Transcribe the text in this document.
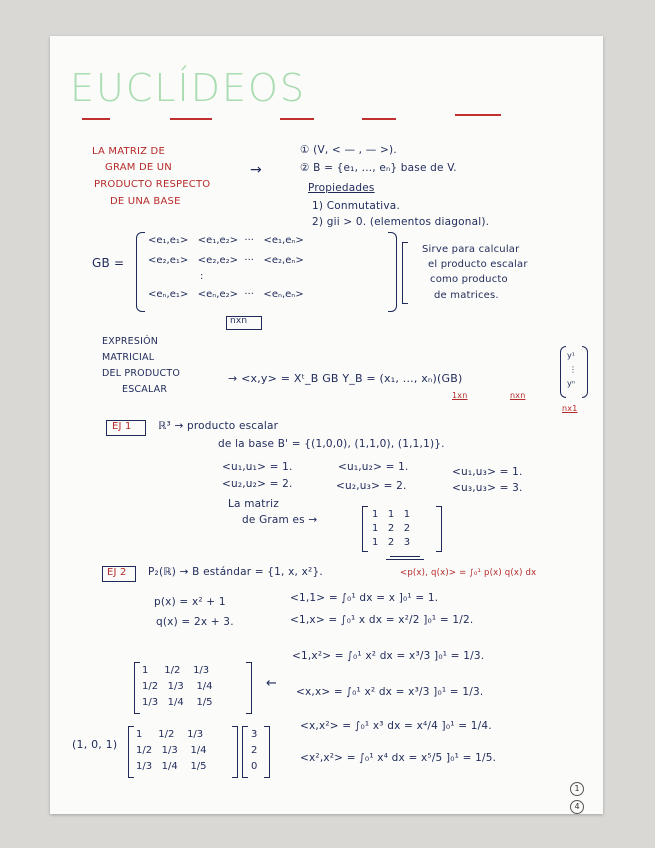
EUCLÍDEOS
LA MATRIZ DE
GRAM DE UN
PRODUCTO RESPECTO
DE UNA BASE
→
① (V, < — , — >).
② B = {e₁, ..., eₙ} base de V.
Propiedades
1) Conmutativa.
2) gii > 0. (elementos diagonal).
GB =
<e₁,e₁>   <e₁,e₂>  ···   <e₁,eₙ>
<e₂,e₁>   <e₂,e₂>  ···   <e₂,eₙ>
:
<eₙ,e₁>   <eₙ,e₂>  ···   <eₙ,eₙ>
nxn
Sirve para calcular
el producto escalar
como producto
de matrices.
EXPRESIÓN
MATRICIAL
DEL PRODUCTO
ESCALAR
→ <x,y> = Xᵗ_B GB Y_B = (x₁, ..., xₙ)(GB)
y¹
⋮
yⁿ
1xn	nxn
nx1
EJ 1	ℝ³ → producto escalar
de la base B' = {(1,0,0), (1,1,0), (1,1,1)}.
<u₁,u₁> = 1.	<u₁,u₂> = 1.	<u₁,u₃> = 1.
<u₂,u₂> = 2.	<u₂,u₃> = 2.	<u₃,u₃> = 3.
La matriz
de Gram es →	1   1   1
1   2   2
1   2   3
EJ 2 P₂(ℝ) → B estándar = {1, x, x²}.	<p(x), q(x)> = ∫₀¹ p(x) q(x) dx
p(x) = x² + 1
q(x) = 2x + 3.
<1,1> = ∫₀¹ dx = x ]₀¹ = 1.
<1,x> = ∫₀¹ x dx = x²/2 ]₀¹ = 1/2.
<1,x²> = ∫₀¹ x² dx = x³/3 ]₀¹ = 1/3.
<x,x> = ∫₀¹ x² dx = x³/3 ]₀¹ = 1/3.
<x,x²> = ∫₀¹ x³ dx = x⁴/4 ]₀¹ = 1/4.
<x²,x²> = ∫₀¹ x⁴ dx = x⁵/5 ]₀¹ = 1/5.
1     1/2    1/3
1/2   1/3    1/4
1/3   1/4    1/5
←
(1, 0, 1)
1     1/2    1/3
1/2   1/3    1/4
1/3   1/4    1/5
3
2
0
1
4
